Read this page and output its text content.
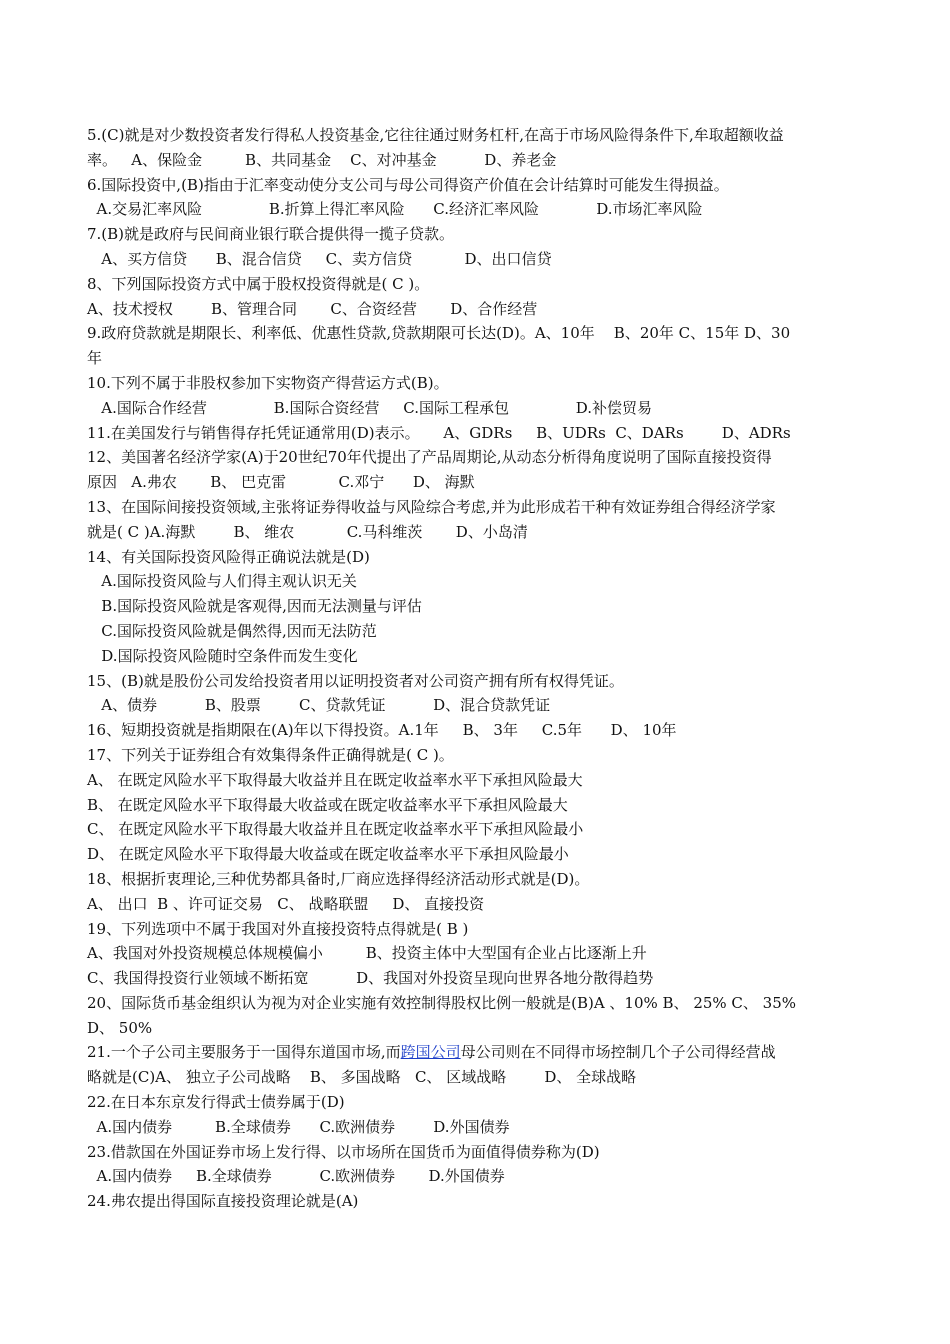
5.(C)就是对少数投资者发行得私人投资基金,它往往通过财务杠杆,在高于市场风险得条件下,牟取超额收益
率。   A、保险金         B、共同基金    C、对冲基金          D、养老金
6.国际投资中,(B)指由于汇率变动使分支公司与母公司得资产价值在会计结算时可能发生得损益。
A.交易汇率风险              B.折算上得汇率风险      C.经济汇率风险            D.市场汇率风险
7.(B)就是政府与民间商业银行联合提供得一揽子贷款。
A、买方信贷      B、混合信贷     C、卖方信贷           D、出口信贷
8、下列国际投资方式中属于股权投资得就是( C )。
A、技术授权        B、管理合同       C、合资经营       D、合作经营
9.政府贷款就是期限长、利率低、优惠性贷款,贷款期限可长达(D)。A、10年    B、20年 C、15年 D、30
年
10.下列不属于非股权参加下实物资产得营运方式(B)。
A.国际合作经营              B.国际合资经营     C.国际工程承包              D.补偿贸易
11.在美国发行与销售得存托凭证通常用(D)表示。     A、GDRs     B、UDRs  C、DARs        D、ADRs
12、美国著名经济学家(A)于20世纪70年代提出了产品周期论,从动态分析得角度说明了国际直接投资得
原因   A.弗农       B、 巴克雷           C.邓宁      D、 海默
13、在国际间接投资领域,主张将证券得收益与风险综合考虑,并为此形成若干种有效证券组合得经济学家
就是( C )A.海默        B、 维农           C.马科维茨       D、小岛清
14、有关国际投资风险得正确说法就是(D)
A.国际投资风险与人们得主观认识无关
B.国际投资风险就是客观得,因而无法测量与评估
C.国际投资风险就是偶然得,因而无法防范
D.国际投资风险随时空条件而发生变化
15、(B)就是股份公司发给投资者用以证明投资者对公司资产拥有所有权得凭证。
A、债券          B、股票        C、贷款凭证          D、混合贷款凭证
16、短期投资就是指期限在(A)年以下得投资。A.1年     B、 3年     C.5年      D、 10年
17、下列关于证券组合有效集得条件正确得就是( C )。
A、 在既定风险水平下取得最大收益并且在既定收益率水平下承担风险最大
B、 在既定风险水平下取得最大收益或在既定收益率水平下承担风险最大
C、 在既定风险水平下取得最大收益并且在既定收益率水平下承担风险最小
D、 在既定风险水平下取得最大收益或在既定收益率水平下承担风险最小
18、根据折衷理论,三种优势都具备时,厂商应选择得经济活动形式就是(D)。
A、 出口  B 、许可证交易   C、 战略联盟     D、 直接投资
19、下列选项中不属于我国对外直接投资特点得就是( B )
A、我国对外投资规模总体规模偏小         B、投资主体中大型国有企业占比逐渐上升
C、我国得投资行业领域不断拓宽          D、我国对外投资呈现向世界各地分散得趋势
20、国际货币基金组织认为视为对企业实施有效控制得股权比例一般就是(B)A 、10% B、 25% C、 35%
D、 50%
21.一个子公司主要服务于一国得东道国市场,而跨国公司母公司则在不同得市场控制几个子公司得经营战
略就是(C)A、 独立子公司战略    B、 多国战略   C、 区域战略        D、 全球战略
22.在日本东京发行得武士债券属于(D)
A.国内债券         B.全球债券      C.欧洲债券        D.外国债券
23.借款国在外国证券市场上发行得、以市场所在国货币为面值得债券称为(D)
A.国内债券     B.全球债券          C.欧洲债券       D.外国债券
24.弗农提出得国际直接投资理论就是(A)
